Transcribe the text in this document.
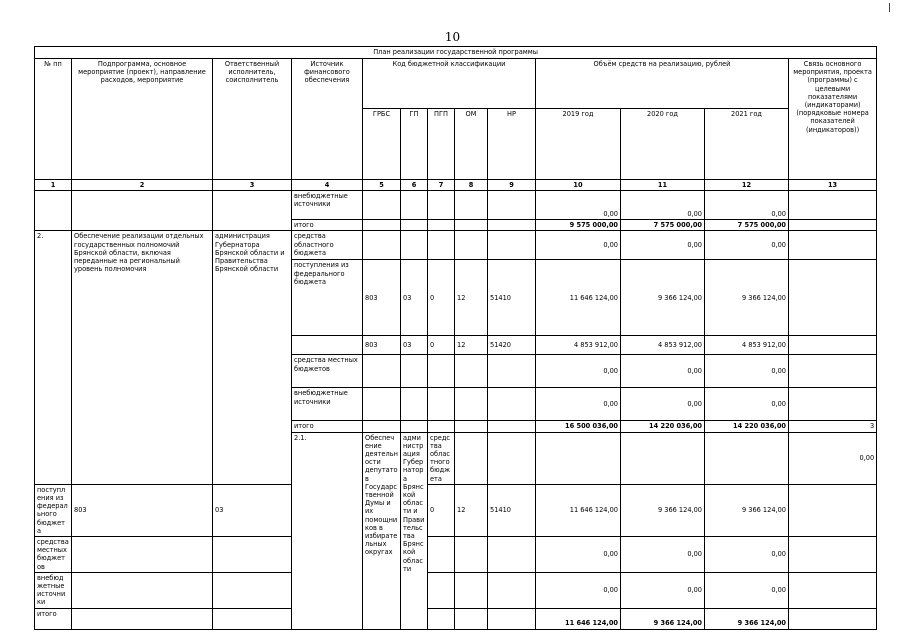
10
План реализации государственной программы													
№ пп	Подпрограмма, основное мероприятие (проект), направление расходов, мероприятие	Ответственный исполнитель, соисполнитель	Источник финансового обеспечения	Код бюджетной классификации					Объём средств на реализацию, рублей			Связь основного мероприятия, проекта (программы) с целевыми показателями (индикаторами) (порядковые номера показателей (индикаторов))	
				ГРБС	ГП	ПГП	ОМ	НР	2019 год	2020 год	2021 год		
1	2	3	4	5	6	7	8	9	10	11	12	13	
			внебюджетные источники						0,00	0,00	0,00		
			итого						9 575 000,00	7 575 000,00	7 575 000,00		
2.	Обеспечение реализации отдельных государственных полномочий Брянской области, включая переданные на региональный уровень полномочия	администрация Губернатора Брянской области и Правительства Брянской области	средства областного бюджета						0,00	0,00	0,00		
			поступления из федерального бюджета	803	03	0	12	51410	11 646 124,00	9 366 124,00	9 366 124,00		
				803	03	0	12	51420	4 853 912,00	4 853 912,00	4 853 912,00		
			средства местных бюджетов						0,00	0,00	0,00		
			внебюджетные источники						0,00	0,00	0,00		
			итого						16 500 036,00	14 220 036,00	14 220 036,00	3	
			2.1.	Обеспечение деятельности депутатов Государственной Думы и их помощников в избирательных округах	администрация Губернатора Брянской области и Правительства Брянской области	средства областного бюджета						0,00			
поступления из федерального бюджета	803	03				0	12	51410	11 646 124,00	9 366 124,00	9 366 124,00		
средства местных бюджетов									0,00	0,00	0,00		
внебюджетные источники									0,00	0,00	0,00		
итого									11 646 124,00	9 366 124,00	9 366 124,00		
